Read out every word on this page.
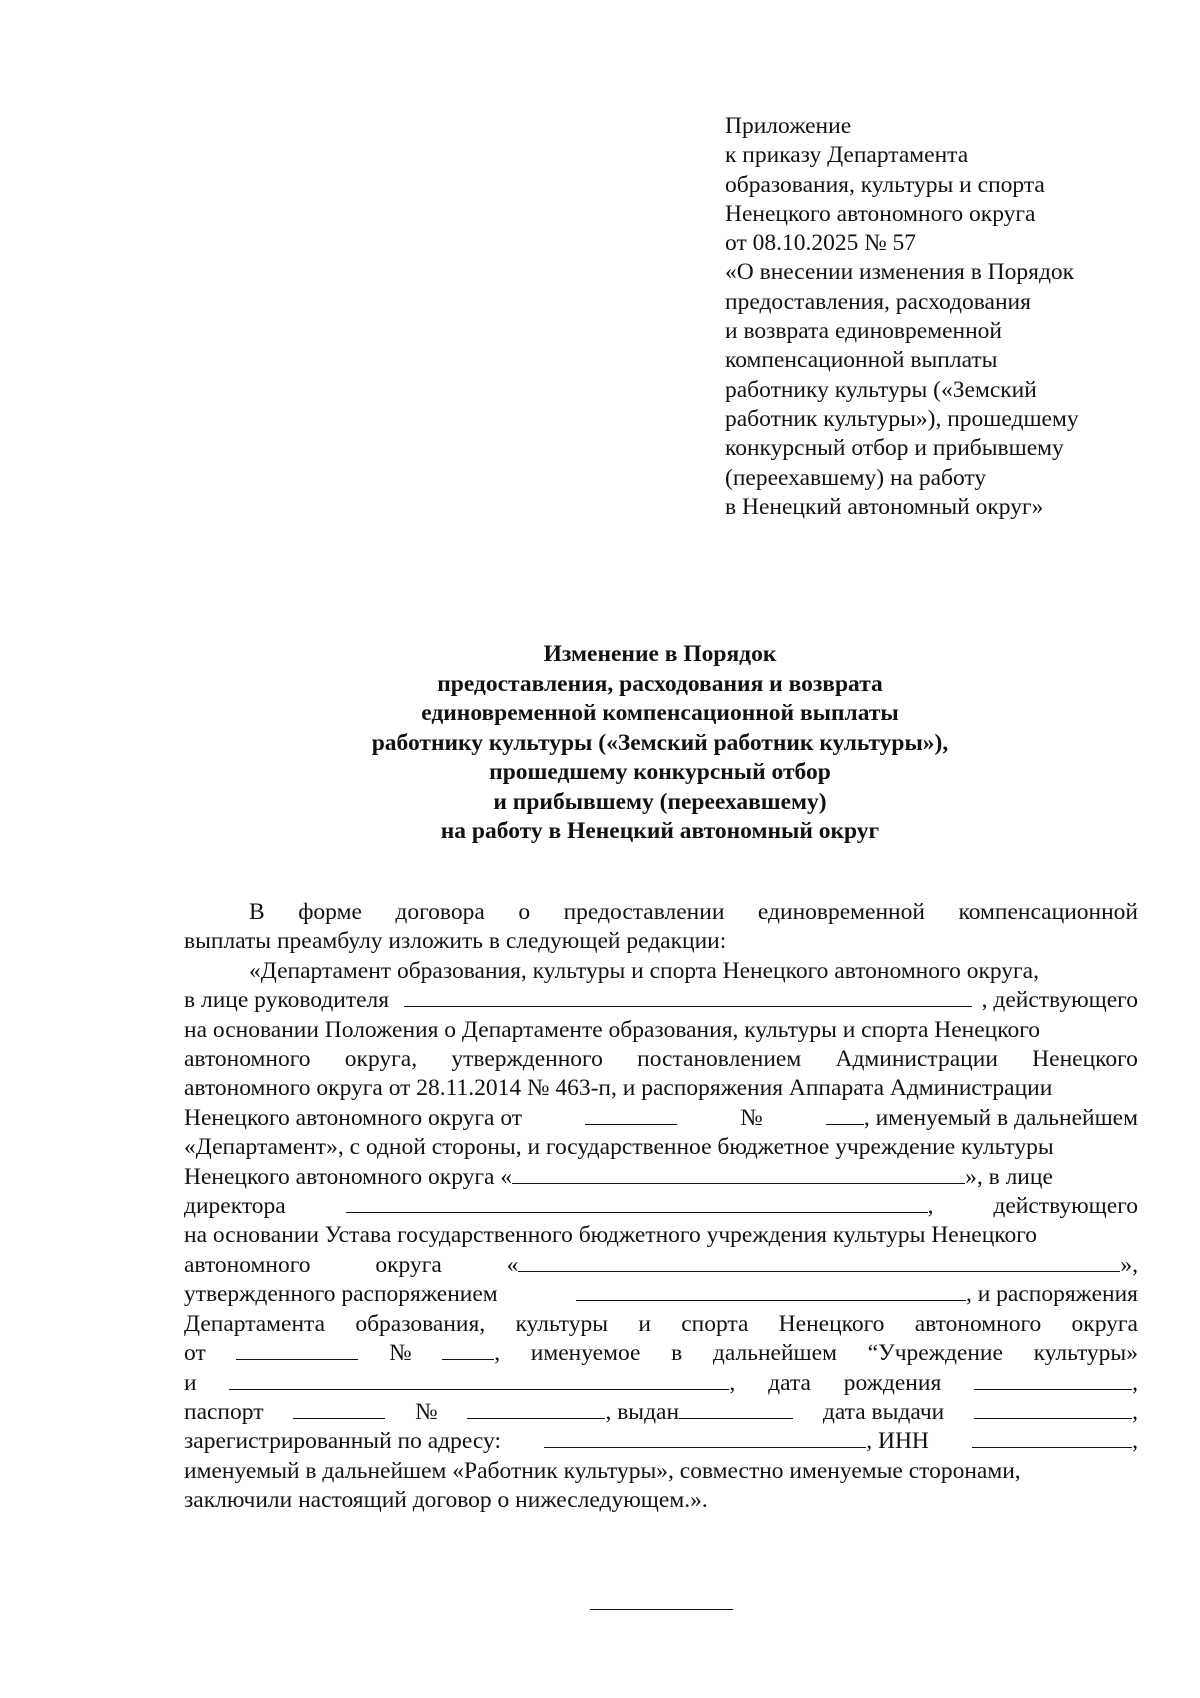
Приложение
к приказу Департамента
образования, культуры и спорта
Ненецкого автономного округа
от 08.10.2025 № 57
«О внесении изменения в Порядок
предоставления, расходования
и возврата единовременной
компенсационной выплаты
работнику культуры («Земский
работник культуры»), прошедшему
конкурсный отбор и прибывшему
(переехавшему) на работу
в Ненецкий автономный округ»
Изменение в Порядок
предоставления, расходования и возврата
единовременной компенсационной выплаты
работнику культуры («Земский работник культуры»),
прошедшему конкурсный отбор
и прибывшему (переехавшему)
на работу в Ненецкий автономный округ
В форме договора о предоставлении единовременной компенсационной
выплаты преамбулу изложить в следующей редакции:
«Департамент образования, культуры и спорта Ненецкого автономного округа,
в лице руководителя	, действующего
на основании Положения о Департаменте образования, культуры и спорта Ненецкого
автономного округа, утвержденного постановлением Администрации Ненецкого
автономного округа от 28.11.2014 № 463-п, и распоряжения Аппарата Администрации
Ненецкого автономного округа от	№	, именуемый в дальнейшем
«Департамент», с одной стороны, и государственное бюджетное учреждение культуры
Ненецкого автономного округа «	», в лице
директора	,	действующего
на основании Устава государственного бюджетного учреждения культуры Ненецкого
автономного	округа	«	»,
утвержденного распоряжением	, и распоряжения
Департамента образования, культуры и спорта Ненецкого автономного округа
от	№	, именуемое в дальнейшем “Учреждение культуры»
и	, дата рождения	,
паспорт	№	, выдан	дата выдачи	,
зарегистрированный по адресу:	, ИНН	,
именуемый в дальнейшем «Работник культуры», совместно именуемые сторонами,
заключили настоящий договор о нижеследующем.».
